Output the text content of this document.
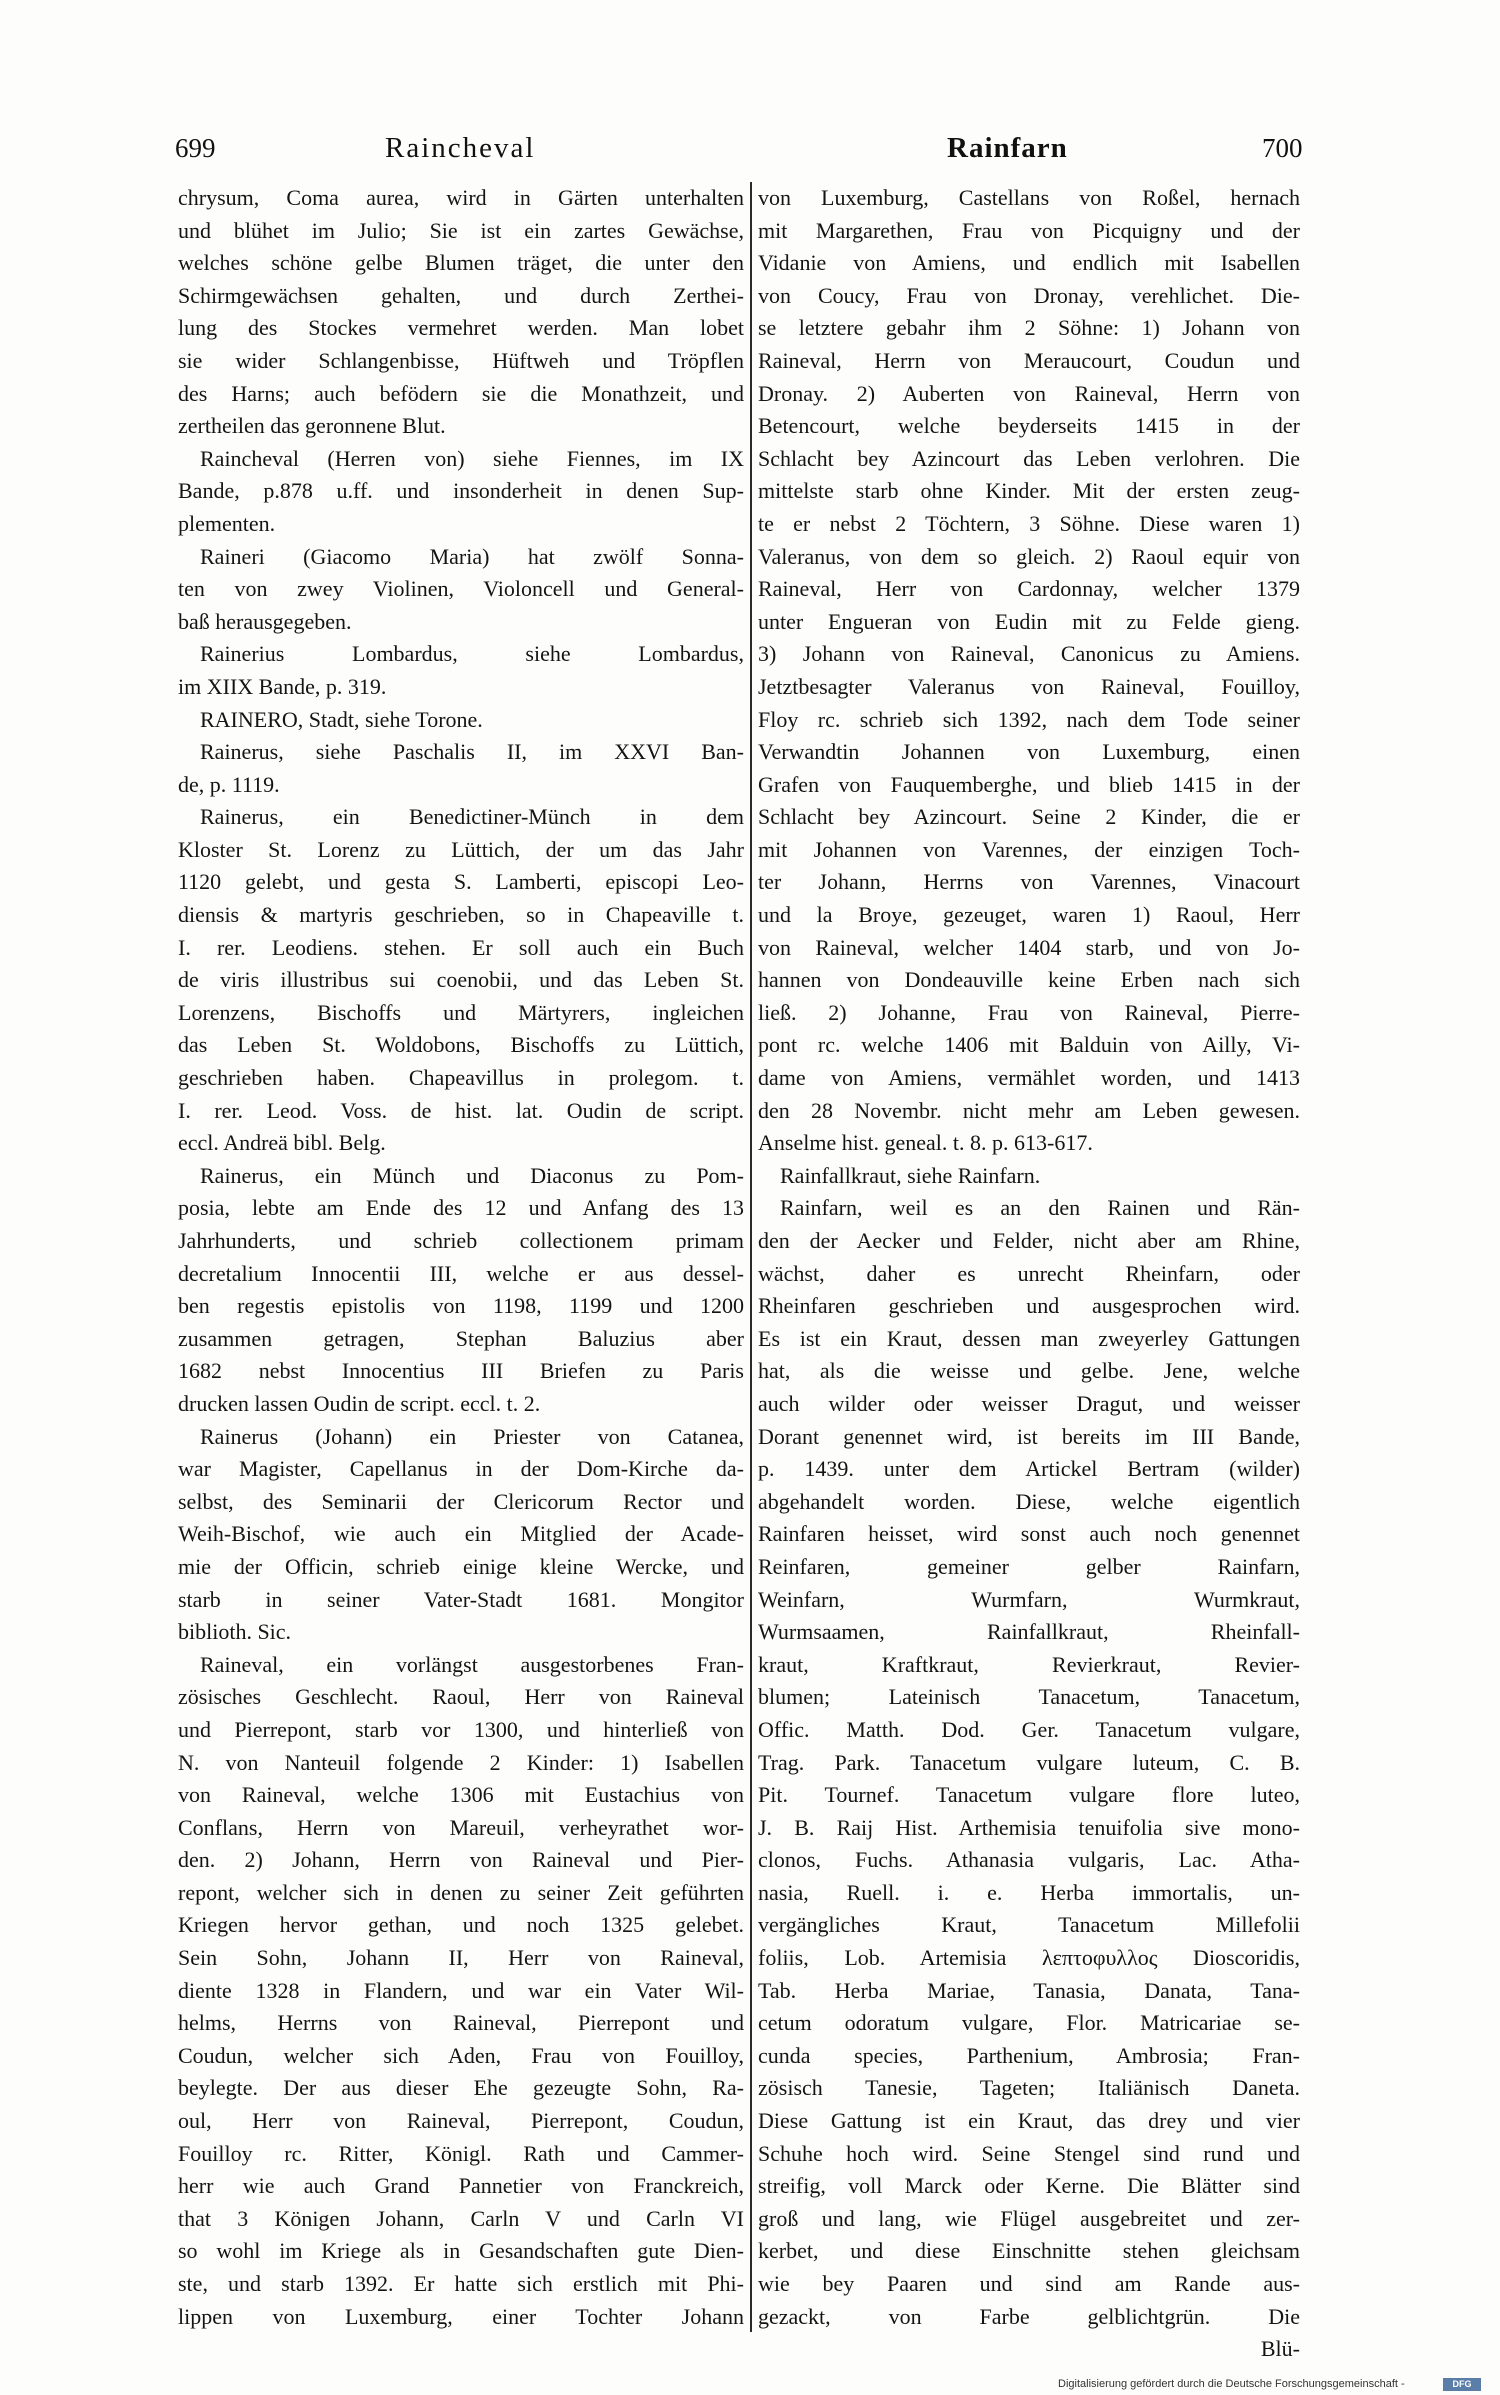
699	Raincheval	Rainfarn	700
chrysum, Coma aurea, wird in Gärten unterhalten
und blühet im Julio; Sie ist ein zartes Gewächse,
welches schöne gelbe Blumen träget, die unter den
Schirmgewächsen gehalten, und durch Zerthei-
lung des Stockes vermehret werden. Man lobet
sie wider Schlangenbisse, Hüftweh und Tröpflen
des Harns; auch befödern sie die Monathzeit, und
zertheilen das geronnene Blut.
Raincheval (Herren von) siehe Fiennes, im IX
Bande, p.878 u.ff. und insonderheit in denen Sup-
plementen.
Raineri (Giacomo Maria) hat zwölf Sonna-
ten von zwey Violinen, Violoncell und General-
baß herausgegeben.
Rainerius Lombardus, siehe Lombardus,
im XIIX Bande, p. 319.
RAINERO, Stadt, siehe Torone.
Rainerus, siehe Paschalis II, im XXVI Ban-
de, p. 1119.
Rainerus, ein Benedictiner-Münch in dem
Kloster St. Lorenz zu Lüttich, der um das Jahr
1120 gelebt, und gesta S. Lamberti, episcopi Leo-
diensis & martyris geschrieben, so in Chapeaville t.
I. rer. Leodiens. stehen. Er soll auch ein Buch
de viris illustribus sui coenobii, und das Leben St.
Lorenzens, Bischoffs und Märtyrers, ingleichen
das Leben St. Woldobons, Bischoffs zu Lüttich,
geschrieben haben. Chapeavillus in prolegom. t.
I. rer. Leod. Voss. de hist. lat. Oudin de script.
eccl. Andreä bibl. Belg.
Rainerus, ein Münch und Diaconus zu Pom-
posia, lebte am Ende des 12 und Anfang des 13
Jahrhunderts, und schrieb collectionem primam
decretalium Innocentii III, welche er aus dessel-
ben regestis epistolis von 1198, 1199 und 1200
zusammen getragen, Stephan Baluzius aber
1682 nebst Innocentius III Briefen zu Paris
drucken lassen Oudin de script. eccl. t. 2.
Rainerus (Johann) ein Priester von Catanea,
war Magister, Capellanus in der Dom-Kirche da-
selbst, des Seminarii der Clericorum Rector und
Weih-Bischof, wie auch ein Mitglied der Acade-
mie der Officin, schrieb einige kleine Wercke, und
starb in seiner Vater-Stadt 1681. Mongitor
biblioth. Sic.
Raineval, ein vorlängst ausgestorbenes Fran-
zösisches Geschlecht. Raoul, Herr von Raineval
und Pierrepont, starb vor 1300, und hinterließ von
N. von Nanteuil folgende 2 Kinder: 1) Isabellen
von Raineval, welche 1306 mit Eustachius von
Conflans, Herrn von Mareuil, verheyrathet wor-
den. 2) Johann, Herrn von Raineval und Pier-
repont, welcher sich in denen zu seiner Zeit geführten
Kriegen hervor gethan, und noch 1325 gelebet.
Sein Sohn, Johann II, Herr von Raineval,
diente 1328 in Flandern, und war ein Vater Wil-
helms, Herrns von Raineval, Pierrepont und
Coudun, welcher sich Aden, Frau von Fouilloy,
beylegte. Der aus dieser Ehe gezeugte Sohn, Ra-
oul, Herr von Raineval, Pierrepont, Coudun,
Fouilloy rc. Ritter, Königl. Rath und Cammer-
herr wie auch Grand Pannetier von Franckreich,
that 3 Königen Johann, Carln V und Carln VI
so wohl im Kriege als in Gesandschaften gute Dien-
ste, und starb 1392. Er hatte sich erstlich mit Phi-
lippen von Luxemburg, einer Tochter Johann
von Luxemburg, Castellans von Roßel, hernach
mit Margarethen, Frau von Picquigny und der
Vidanie von Amiens, und endlich mit Isabellen
von Coucy, Frau von Dronay, verehlichet. Die-
se letztere gebahr ihm 2 Söhne: 1) Johann von
Raineval, Herrn von Meraucourt, Coudun und
Dronay. 2) Auberten von Raineval, Herrn von
Betencourt, welche beyderseits 1415 in der
Schlacht bey Azincourt das Leben verlohren. Die
mittelste starb ohne Kinder. Mit der ersten zeug-
te er nebst 2 Töchtern, 3 Söhne. Diese waren 1)
Valeranus, von dem so gleich. 2) Raoul equir von
Raineval, Herr von Cardonnay, welcher 1379
unter Engueran von Eudin mit zu Felde gieng.
3) Johann von Raineval, Canonicus zu Amiens.
Jetztbesagter Valeranus von Raineval, Fouilloy,
Floy rc. schrieb sich 1392, nach dem Tode seiner
Verwandtin Johannen von Luxemburg, einen
Grafen von Fauquemberghe, und blieb 1415 in der
Schlacht bey Azincourt. Seine 2 Kinder, die er
mit Johannen von Varennes, der einzigen Toch-
ter Johann, Herrns von Varennes, Vinacourt
und la Broye, gezeuget, waren 1) Raoul, Herr
von Raineval, welcher 1404 starb, und von Jo-
hannen von Dondeauville keine Erben nach sich
ließ. 2) Johanne, Frau von Raineval, Pierre-
pont rc. welche 1406 mit Balduin von Ailly, Vi-
dame von Amiens, vermählet worden, und 1413
den 28 Novembr. nicht mehr am Leben gewesen.
Anselme hist. geneal. t. 8. p. 613-617.
Rainfallkraut, siehe Rainfarn.
Rainfarn, weil es an den Rainen und Rän-
den der Aecker und Felder, nicht aber am Rhine,
wächst, daher es unrecht Rheinfarn, oder
Rheinfaren geschrieben und ausgesprochen wird.
Es ist ein Kraut, dessen man zweyerley Gattungen
hat, als die weisse und gelbe. Jene, welche
auch wilder oder weisser Dragut, und weisser
Dorant genennet wird, ist bereits im III Bande,
p. 1439. unter dem Artickel Bertram (wilder)
abgehandelt worden. Diese, welche eigentlich
Rainfaren heisset, wird sonst auch noch genennet
Reinfaren, gemeiner gelber Rainfarn,
Weinfarn, Wurmfarn, Wurmkraut,
Wurmsaamen, Rainfallkraut, Rheinfall-
kraut, Kraftkraut, Revierkraut, Revier-
blumen; Lateinisch Tanacetum, Tanacetum,
Offic. Matth. Dod. Ger. Tanacetum vulgare,
Trag. Park. Tanacetum vulgare luteum, C. B.
Pit. Tournef. Tanacetum vulgare flore luteo,
J. B. Raij Hist. Arthemisia tenuifolia sive mono-
clonos, Fuchs. Athanasia vulgaris, Lac. Atha-
nasia, Ruell. i. e. Herba immortalis, un-
vergängliches Kraut, Tanacetum Millefolii
foliis, Lob. Artemisia λεπτοφυλλος Dioscoridis,
Tab. Herba Mariae, Tanasia, Danata, Tana-
cetum odoratum vulgare, Flor. Matricariae se-
cunda species, Parthenium, Ambrosia; Fran-
zösisch Tanesie, Tageten; Italiänisch Daneta.
Diese Gattung ist ein Kraut, das drey und vier
Schuhe hoch wird. Seine Stengel sind rund und
streifig, voll Marck oder Kerne. Die Blätter sind
groß und lang, wie Flügel ausgebreitet und zer-
kerbet, und diese Einschnitte stehen gleichsam
wie bey Paaren und sind am Rande aus-
gezackt, von Farbe gelblichtgrün. Die
Blü-
Digitalisierung gefördert durch die Deutsche Forschungsgemeinschaft -	DFG
